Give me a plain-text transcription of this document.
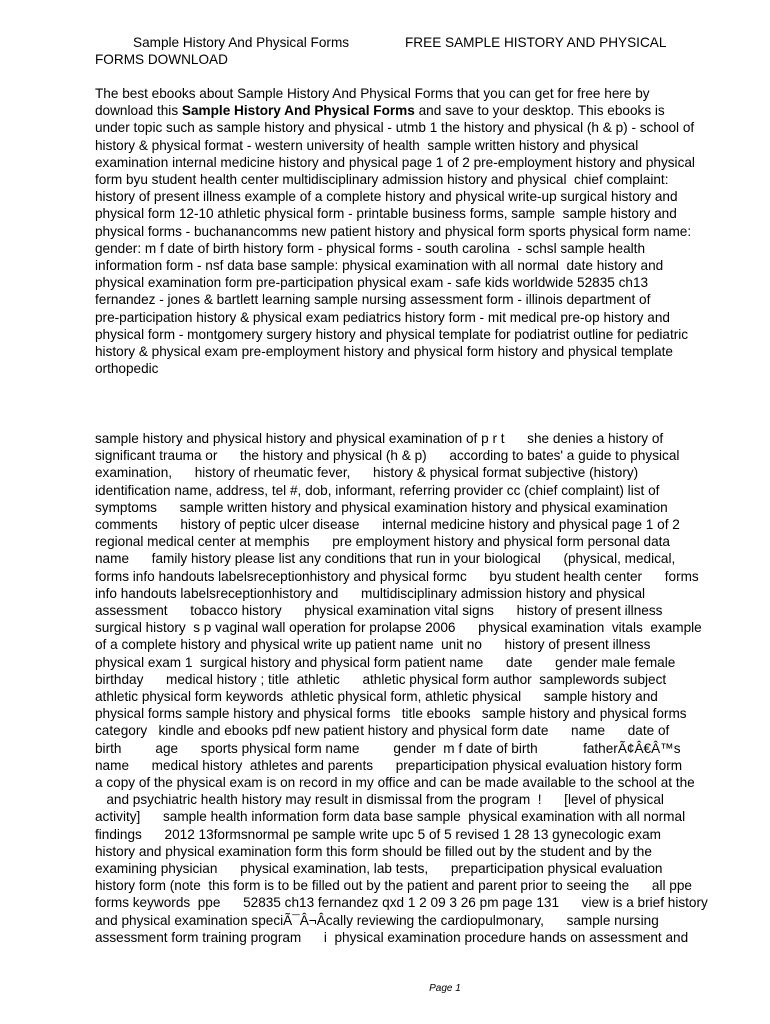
Sample History And Physical Forms	FREE SAMPLE HISTORY AND PHYSICAL
FORMS DOWNLOAD
The best ebooks about Sample History And Physical Forms that you can get for free here by
download this Sample History And Physical Forms and save to your desktop. This ebooks is
under topic such as sample history and physical - utmb 1 the history and physical (h & p) - school of
history & physical format - western university of health  sample written history and physical
examination internal medicine history and physical page 1 of 2 pre-employment history and physical
form byu student health center multidisciplinary admission history and physical  chief complaint:
history of present illness example of a complete history and physical write-up surgical history and
physical form 12-10 athletic physical form - printable business forms, sample  sample history and
physical forms - buchanancomms new patient history and physical form sports physical form name:
gender: m f date of birth history form - physical forms - south carolina  - schsl sample health
information form - nsf data base sample: physical examination with all normal  date history and
physical examination form pre-participation physical exam - safe kids worldwide 52835 ch13
fernandez - jones & bartlett learning sample nursing assessment form - illinois department of
pre-participation history & physical exam pediatrics history form - mit medical pre-op history and
physical form - montgomery surgery history and physical template for podiatrist outline for pediatric
history & physical exam pre-employment history and physical form history and physical template
orthopedic
sample history and physical history and physical examination of p r t      she denies a history of
significant trauma or      the history and physical (h & p)      according to bates' a guide to physical
examination,      history of rheumatic fever,      history & physical format subjective (history)
identification name, address, tel #, dob, informant, referring provider cc (chief complaint) list of
symptoms      sample written history and physical examination history and physical examination
comments      history of peptic ulcer disease      internal medicine history and physical page 1 of 2
regional medical center at memphis      pre employment history and physical form personal data
name      family history please list any conditions that run in your biological      (physical, medical,
forms info handouts labelsreceptionhistory and physical formc      byu student health center      forms
info handouts labelsreceptionhistory and      multidisciplinary admission history and physical
assessment      tobacco history      physical examination vital signs      history of present illness
surgical history  s p vaginal wall operation for prolapse 2006      physical examination  vitals  example
of a complete history and physical write up patient name  unit no      history of present illness
physical exam 1  surgical history and physical form patient name      date      gender male female
birthday      medical history ; title  athletic      athletic physical form author  samplewords subject
athletic physical form keywords  athletic physical form, athletic physical      sample history and
physical forms sample history and physical forms   title ebooks   sample history and physical forms
category   kindle and ebooks pdf new patient history and physical form date      name      date of
birth         age      sports physical form name         gender  m f date of birth            fatherÃ¢Â€Â™s
name      medical history  athletes and parents      preparticipation physical evaluation history form
a copy of the physical exam is on record in my office and can be made available to the school at the
and psychiatric health history may result in dismissal from the program  !      [level of physical
activity]      sample health information form data base sample  physical examination with all normal
findings      2012 13formsnormal pe sample write upc 5 of 5 revised 1 28 13 gynecologic exam
history and physical examination form this form should be filled out by the student and by the
examining physician      physical examination, lab tests,      preparticipation physical evaluation
history form (note  this form is to be filled out by the patient and parent prior to seeing the      all ppe
forms keywords  ppe      52835 ch13 fernandez qxd 1 2 09 3 26 pm page 131      view is a brief history
and physical examination speciÃ¯Â¬Âcally reviewing the cardiopulmonary,      sample nursing
assessment form training program      i  physical examination procedure hands on assessment and
Page 1
